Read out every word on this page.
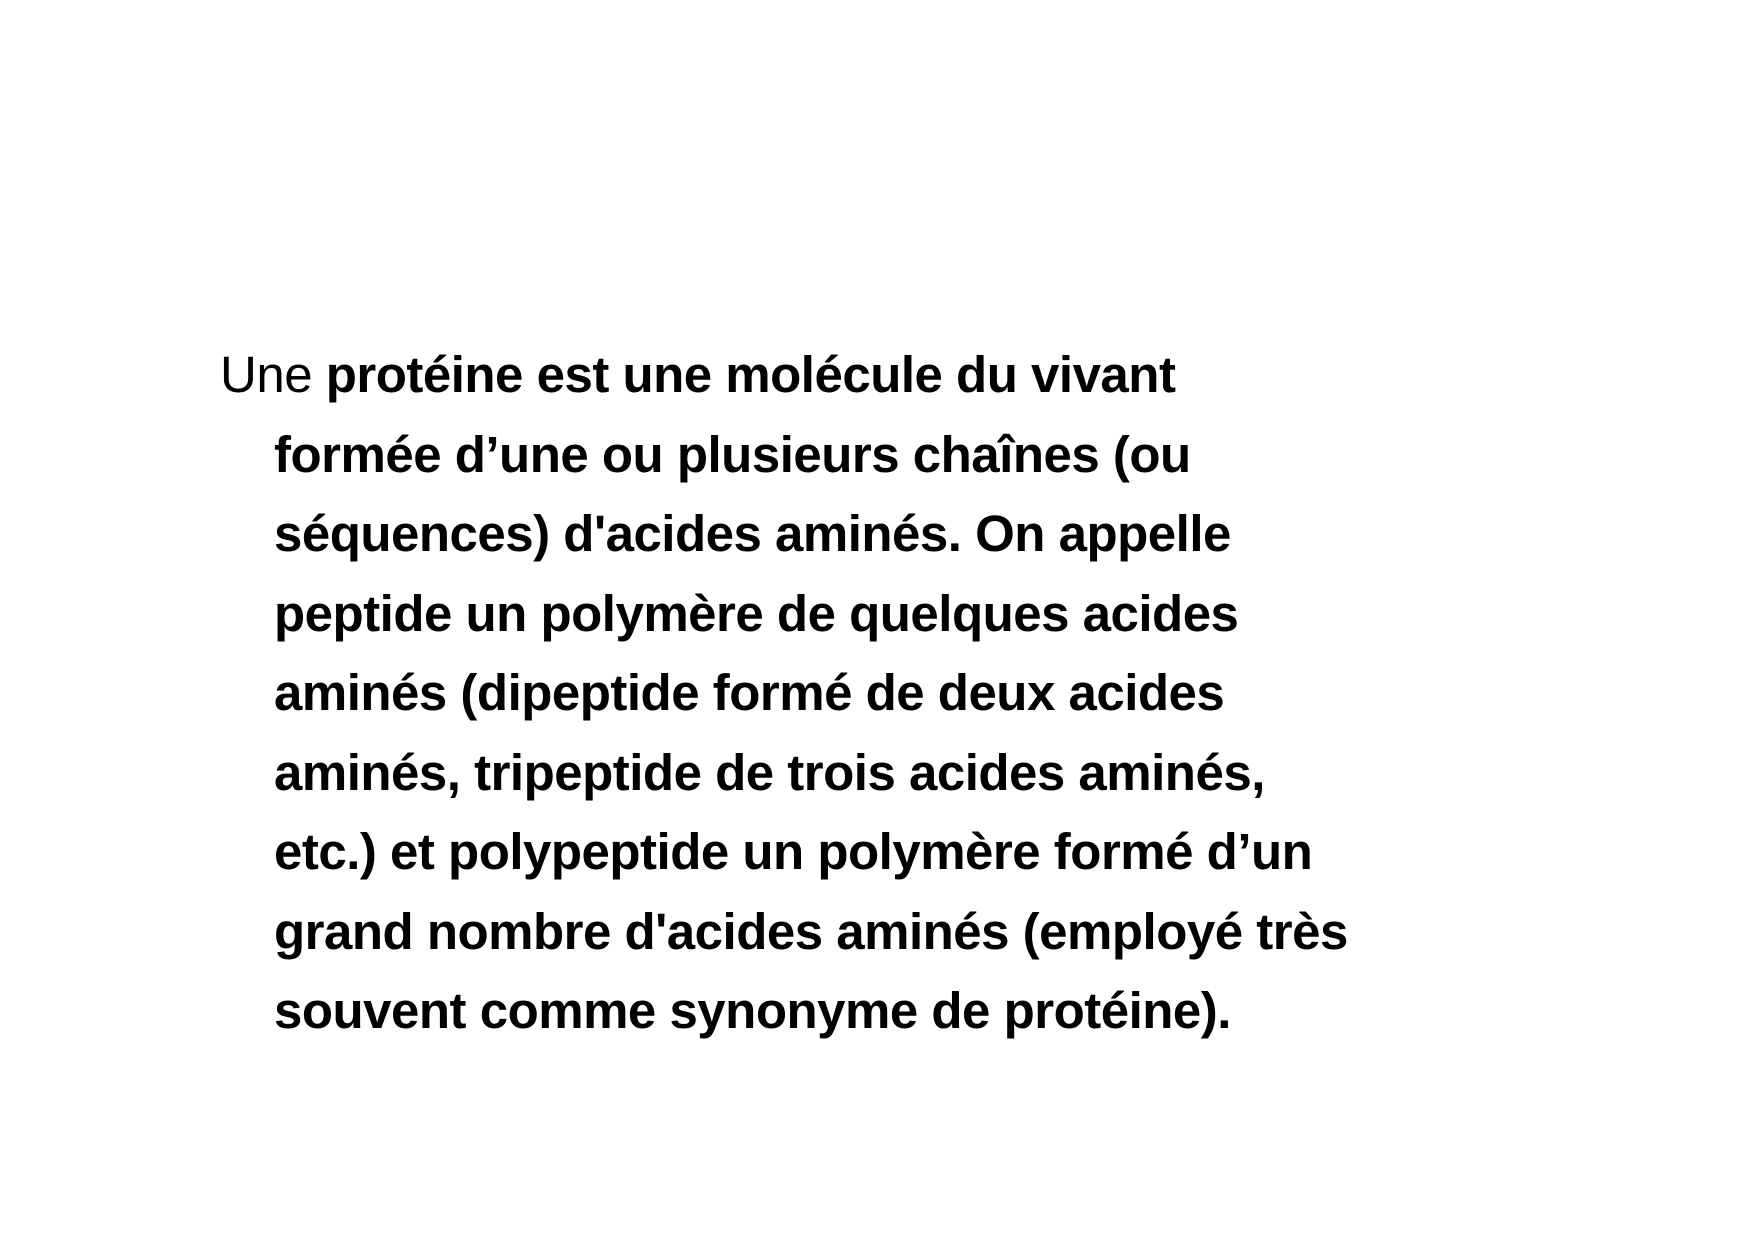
Une protéine est une molécule du vivant
formée d’une ou plusieurs chaînes (ou
séquences) d'acides aminés. On appelle
peptide un polymère de quelques acides
aminés (dipeptide formé de deux acides
aminés, tripeptide de trois acides aminés,
etc.) et polypeptide un polymère formé d’un
grand nombre d'acides aminés (employé très
souvent comme synonyme de protéine).
